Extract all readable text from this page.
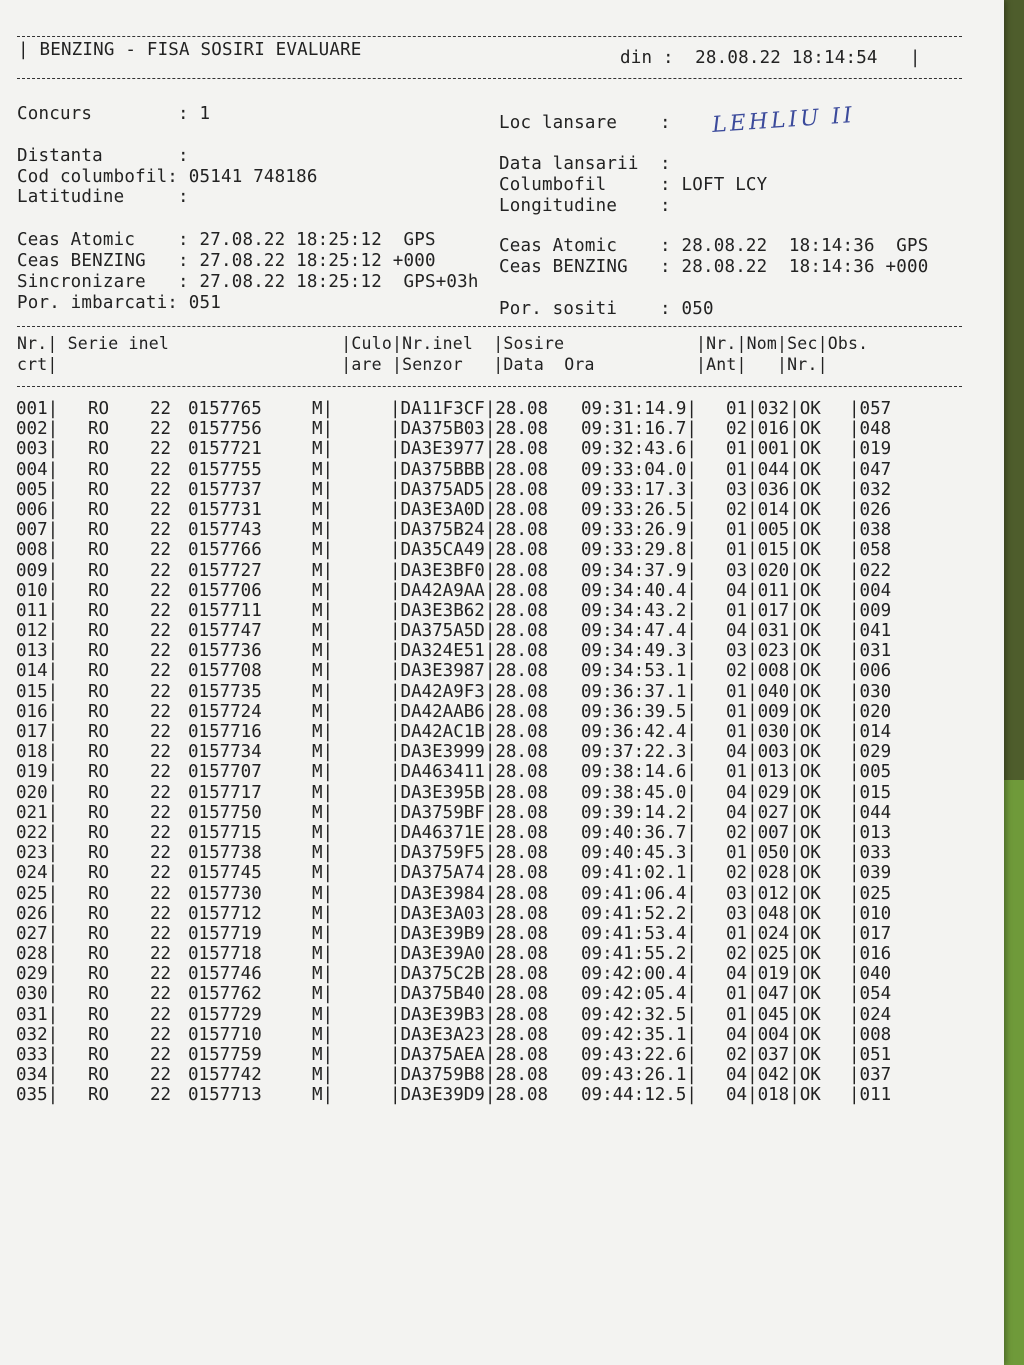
| BENZING - FISA SOSIRI EVALUARE	din :  28.08.22 18:14:54   |
Concurs        : 1	Loc lansare    : LEHLIU II
Distanta       :
Cod columbofil: 05141 748186
Latitudine     :
Data lansarii  :
Columbofil     : LOFT LCY
Longitudine    :
Ceas Atomic    : 27.08.22 18:25:12  GPS
Ceas BENZING   : 27.08.22 18:25:12 +000
Sincronizare   : 27.08.22 18:25:12  GPS+03h
Por. imbarcati: 051
Ceas Atomic    : 28.08.22  18:14:36  GPS
Ceas BENZING   : 28.08.22  18:14:36 +000
Por. sositi    : 050
Nr.| Serie inel                 |Culo|Nr.inel  |Sosire             |Nr.|Nom|Sec|Obs.
crt|                            |are |Senzor   |Data  Ora          |Ant|   |Nr.|
001| RO 22 0157765	M|	|DA11F3CF|28.08 09:31:14.9| 01|032|OK |057
002| RO 22 0157756	M|	|DA375B03|28.08 09:31:16.7| 02|016|OK |048
003| RO 22 0157721	M|	|DA3E3977|28.08 09:32:43.6| 01|001|OK |019
004| RO 22 0157755	M|	|DA375BBB|28.08 09:33:04.0| 01|044|OK |047
005| RO 22 0157737	M|	|DA375AD5|28.08 09:33:17.3| 03|036|OK |032
006| RO 22 0157731	M|	|DA3E3A0D|28.08 09:33:26.5| 02|014|OK |026
007| RO 22 0157743	M|	|DA375B24|28.08 09:33:26.9| 01|005|OK |038
008| RO 22 0157766	M|	|DA35CA49|28.08 09:33:29.8| 01|015|OK |058
009| RO 22 0157727	M|	|DA3E3BF0|28.08 09:34:37.9| 03|020|OK |022
010| RO 22 0157706	M|	|DA42A9AA|28.08 09:34:40.4| 04|011|OK |004
011| RO 22 0157711	M|	|DA3E3B62|28.08 09:34:43.2| 01|017|OK |009
012| RO 22 0157747	M|	|DA375A5D|28.08 09:34:47.4| 04|031|OK |041
013| RO 22 0157736	M|	|DA324E51|28.08 09:34:49.3| 03|023|OK |031
014| RO 22 0157708	M|	|DA3E3987|28.08 09:34:53.1| 02|008|OK |006
015| RO 22 0157735	M|	|DA42A9F3|28.08 09:36:37.1| 01|040|OK |030
016| RO 22 0157724	M|	|DA42AAB6|28.08 09:36:39.5| 01|009|OK |020
017| RO 22 0157716	M|	|DA42AC1B|28.08 09:36:42.4| 01|030|OK |014
018| RO 22 0157734	M|	|DA3E3999|28.08 09:37:22.3| 04|003|OK |029
019| RO 22 0157707	M|	|DA463411|28.08 09:38:14.6| 01|013|OK |005
020| RO 22 0157717	M|	|DA3E395B|28.08 09:38:45.0| 04|029|OK |015
021| RO 22 0157750	M|	|DA3759BF|28.08 09:39:14.2| 04|027|OK |044
022| RO 22 0157715	M|	|DA46371E|28.08 09:40:36.7| 02|007|OK |013
023| RO 22 0157738	M|	|DA3759F5|28.08 09:40:45.3| 01|050|OK |033
024| RO 22 0157745	M|	|DA375A74|28.08 09:41:02.1| 02|028|OK |039
025| RO 22 0157730	M|	|DA3E3984|28.08 09:41:06.4| 03|012|OK |025
026| RO 22 0157712	M|	|DA3E3A03|28.08 09:41:52.2| 03|048|OK |010
027| RO 22 0157719	M|	|DA3E39B9|28.08 09:41:53.4| 01|024|OK |017
028| RO 22 0157718	M|	|DA3E39A0|28.08 09:41:55.2| 02|025|OK |016
029| RO 22 0157746	M|	|DA375C2B|28.08 09:42:00.4| 04|019|OK |040
030| RO 22 0157762	M|	|DA375B40|28.08 09:42:05.4| 01|047|OK |054
031| RO 22 0157729	M|	|DA3E39B3|28.08 09:42:32.5| 01|045|OK |024
032| RO 22 0157710	M|	|DA3E3A23|28.08 09:42:35.1| 04|004|OK |008
033| RO 22 0157759	M|	|DA375AEA|28.08 09:43:22.6| 02|037|OK |051
034| RO 22 0157742	M|	|DA3759B8|28.08 09:43:26.1| 04|042|OK |037
035| RO 22 0157713	M|	|DA3E39D9|28.08 09:44:12.5| 04|018|OK |011
